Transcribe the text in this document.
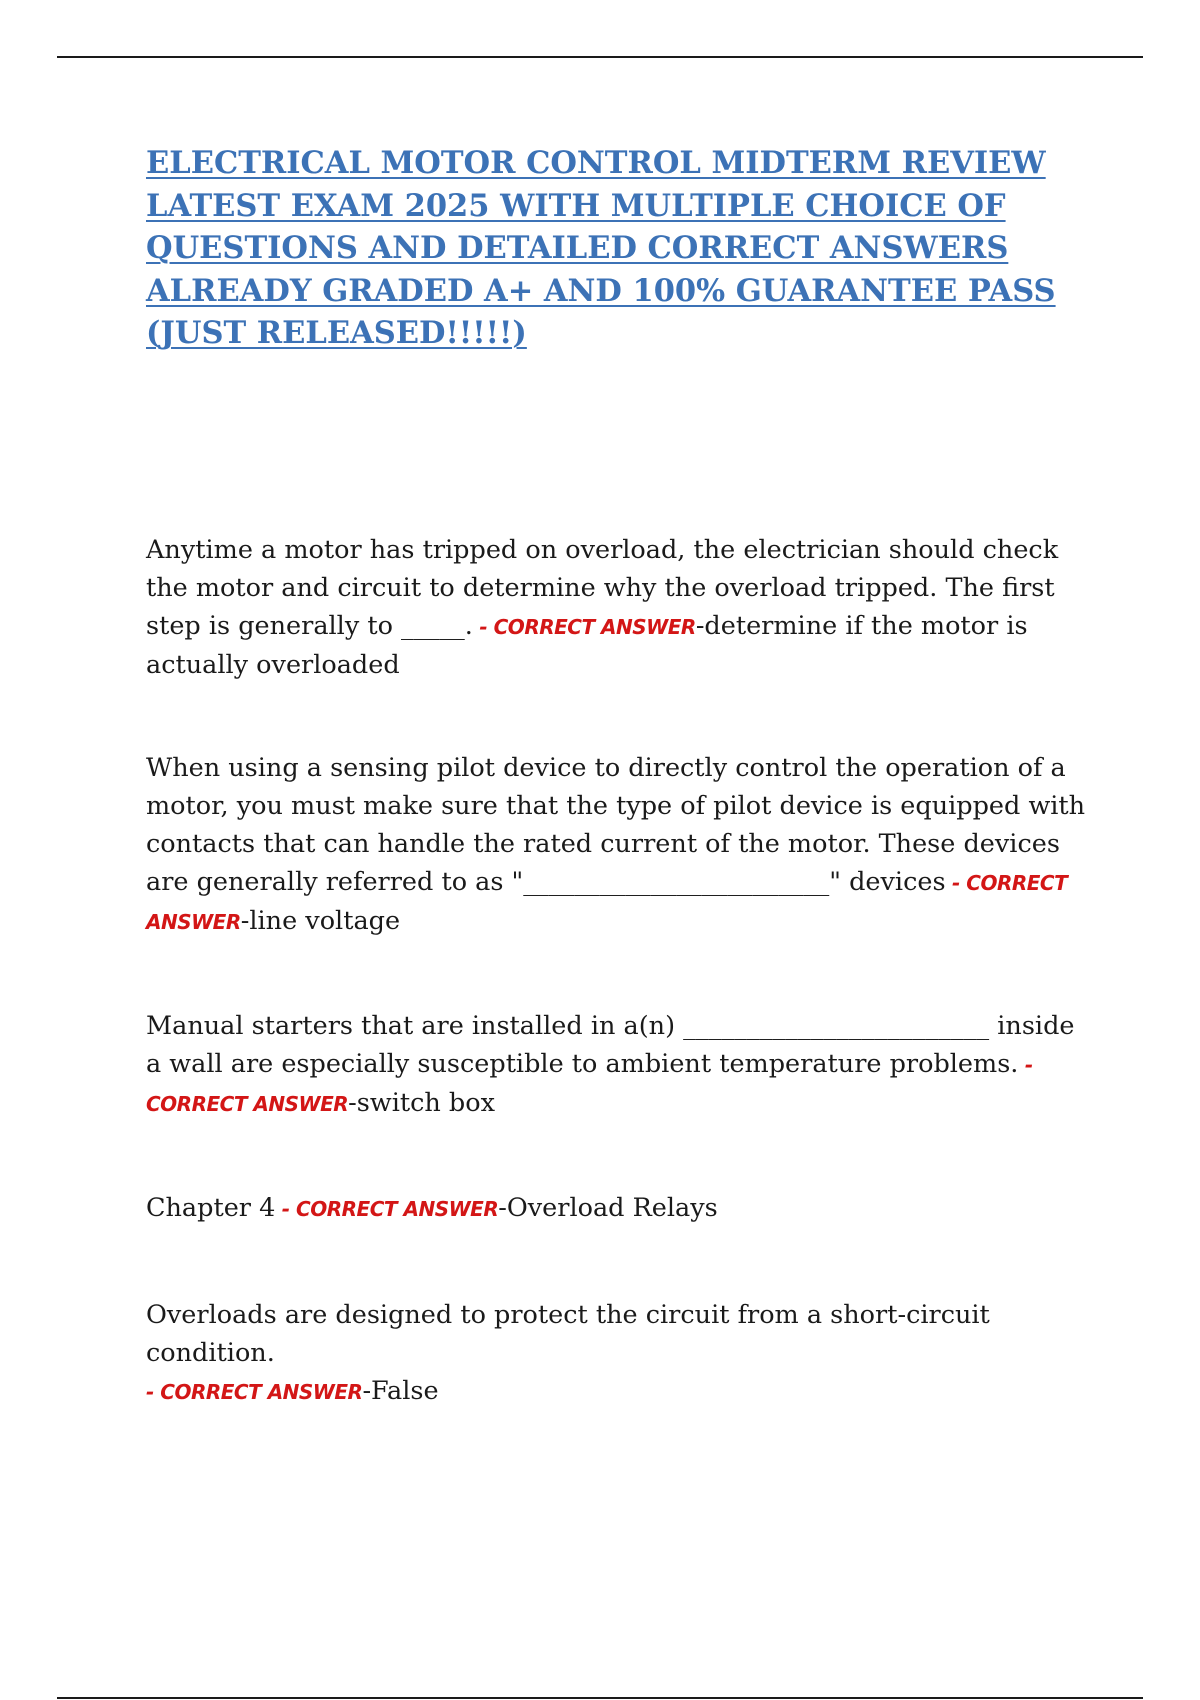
ELECTRICAL MOTOR CONTROL MIDTERM REVIEW LATEST EXAM 2025 WITH MULTIPLE CHOICE OF QUESTIONS AND DETAILED CORRECT ANSWERS ALREADY GRADED A+ AND 100% GUARANTEE PASS (JUST RELEASED!!!!!)

Anytime a motor has tripped on overload, the electrician should check the motor and circuit to determine why the overload tripped. The first step is generally to _____. - CORRECT ANSWER-determine if the motor is actually overloaded

When using a sensing pilot device to directly control the operation of a motor, you must make sure that the type of pilot device is equipped with contacts that can handle the rated current of the motor. These devices are generally referred to as "________________________" devices - CORRECT ANSWER-line voltage

Manual starters that are installed in a(n) ________________________ inside a wall are especially susceptible to ambient temperature problems. - CORRECT ANSWER-switch box

Chapter 4 - CORRECT ANSWER-Overload Relays

Overloads are designed to protect the circuit from a short-circuit condition.
- CORRECT ANSWER-False
